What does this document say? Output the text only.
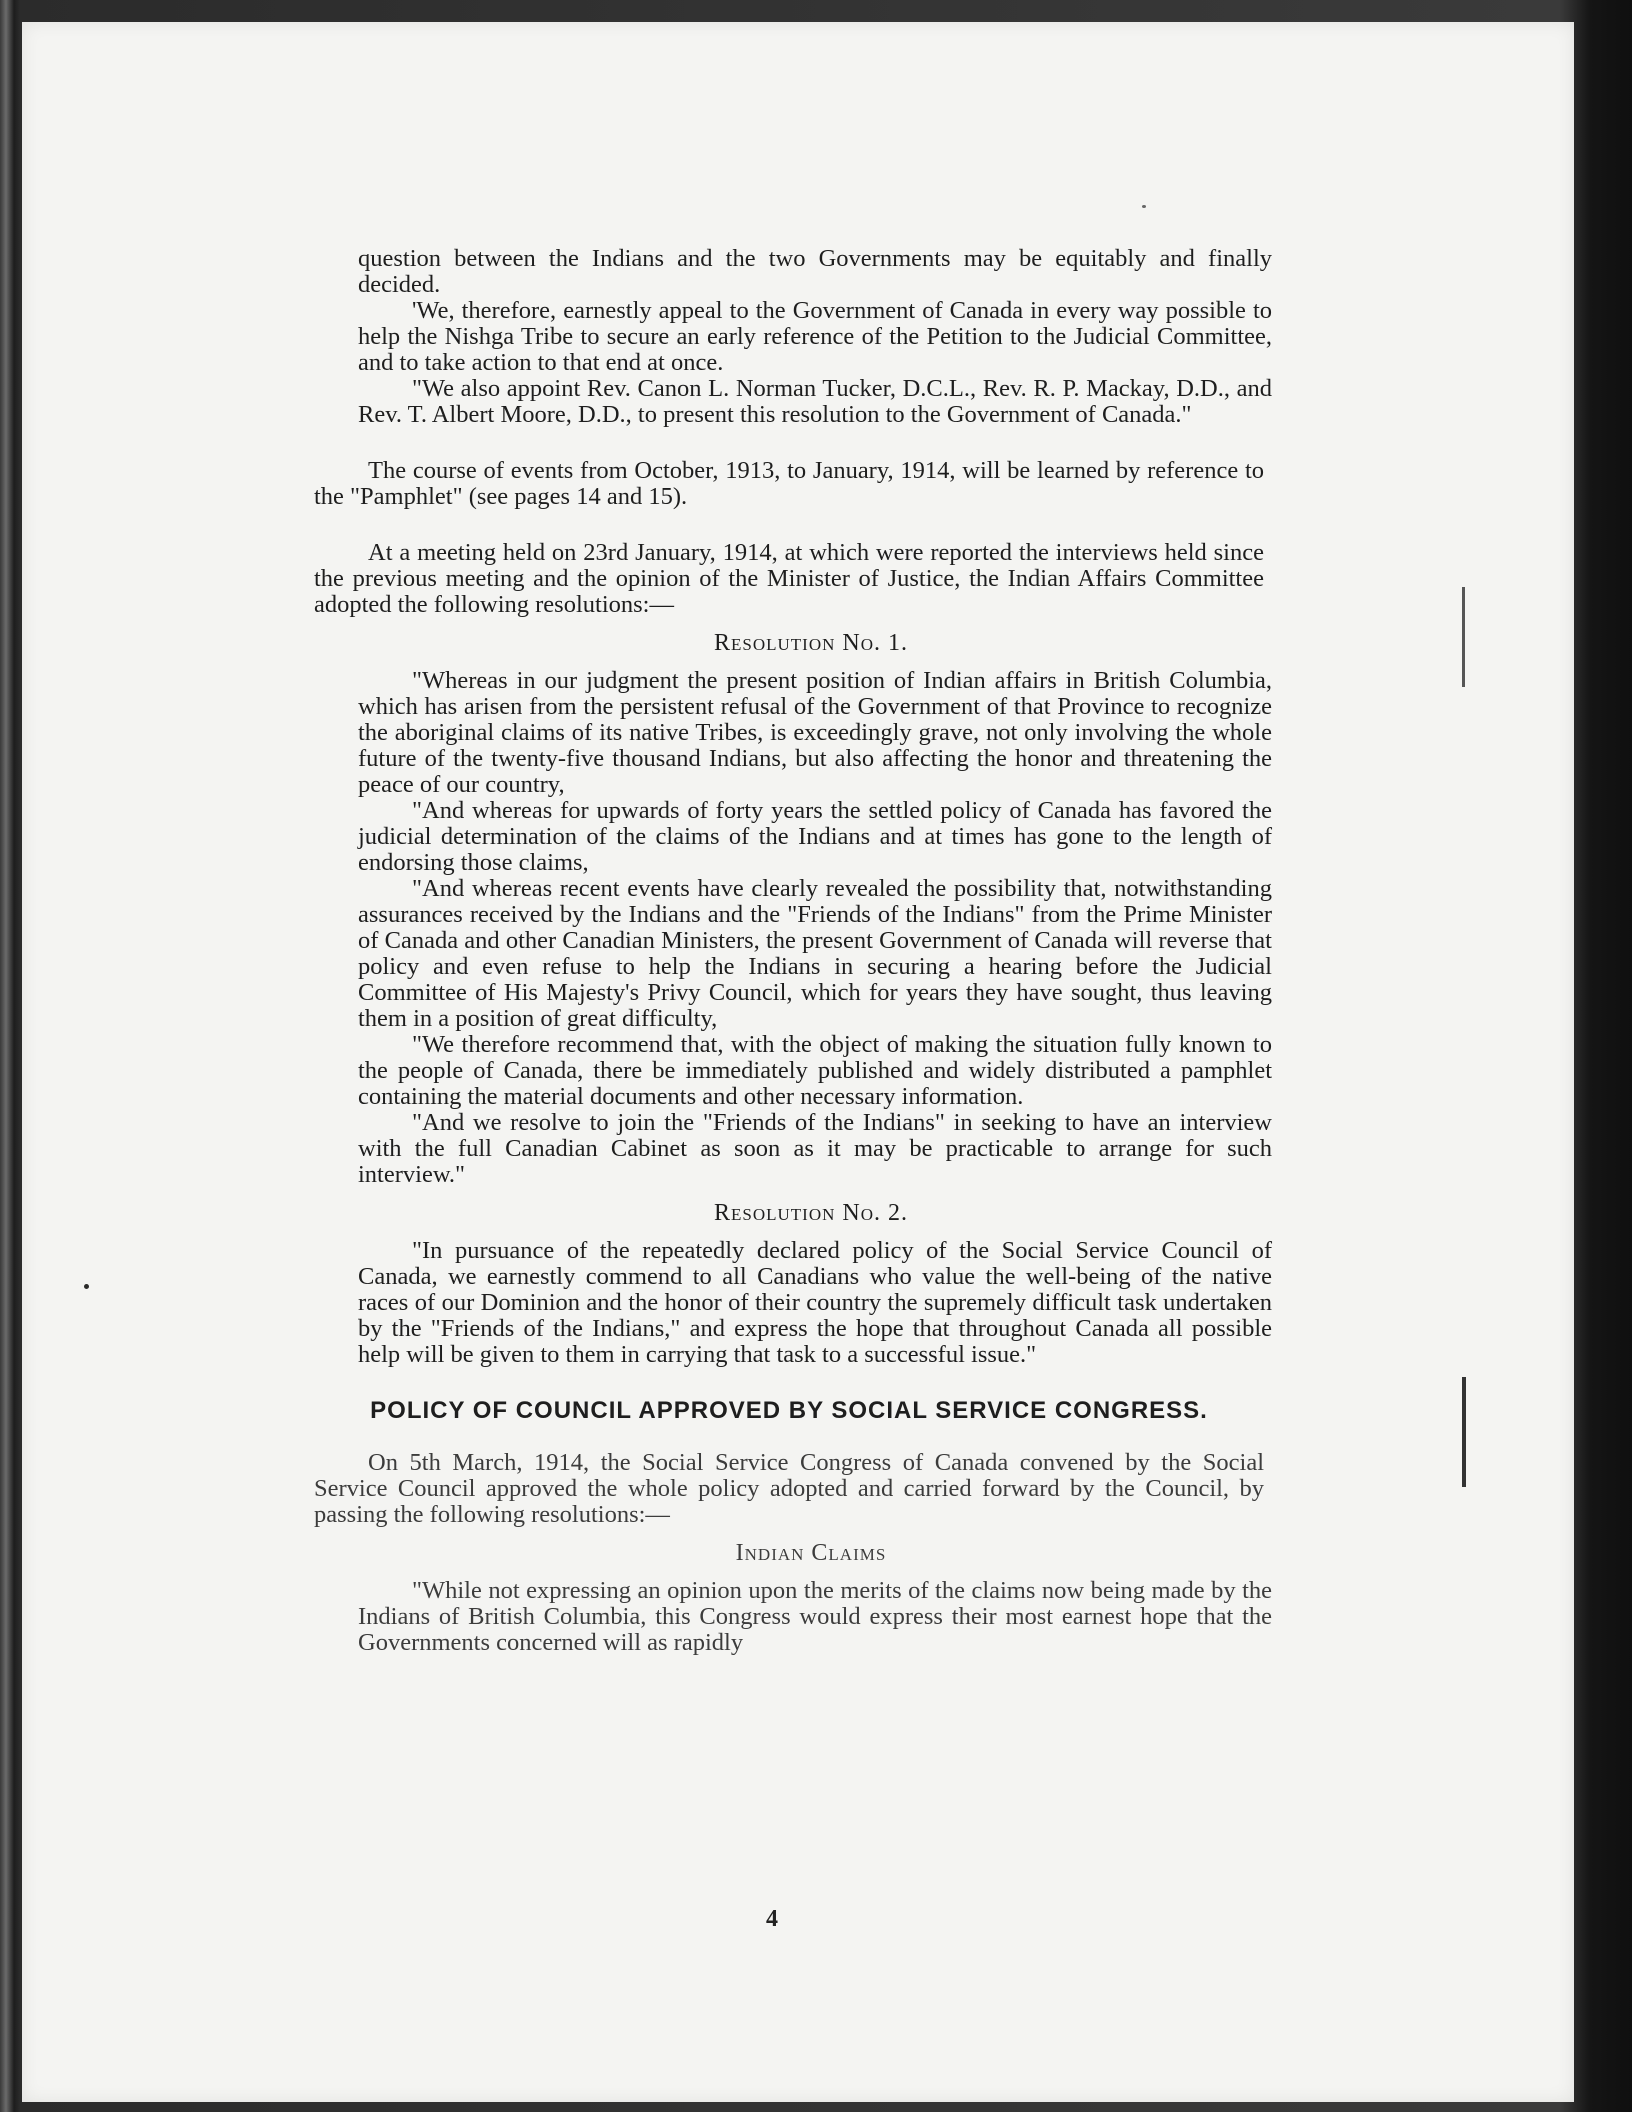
question between the Indians and the two Governments may be equitably and finally decided.

'We, therefore, earnestly appeal to the Government of Canada in every way possible to help the Nishga Tribe to secure an early reference of the Petition to the Judicial Committee, and to take action to that end at once.

"We also appoint Rev. Canon L. Norman Tucker, D.C.L., Rev. R. P. Mackay, D.D., and Rev. T. Albert Moore, D.D., to present this resolution to the Government of Canada."

The course of events from October, 1913, to January, 1914, will be learned by reference to the "Pamphlet" (see pages 14 and 15).

At a meeting held on 23rd January, 1914, at which were reported the interviews held since the previous meeting and the opinion of the Minister of Justice, the Indian Affairs Committee adopted the following resolutions:—

Resolution No. 1.

"Whereas in our judgment the present position of Indian affairs in British Columbia, which has arisen from the persistent refusal of the Government of that Province to recognize the aboriginal claims of its native Tribes, is exceedingly grave, not only involving the whole future of the twenty-five thousand Indians, but also affecting the honor and threatening the peace of our country,

"And whereas for upwards of forty years the settled policy of Canada has favored the judicial determination of the claims of the Indians and at times has gone to the length of endorsing those claims,

"And whereas recent events have clearly revealed the possibility that, notwithstanding assurances received by the Indians and the "Friends of the Indians" from the Prime Minister of Canada and other Canadian Ministers, the present Government of Canada will reverse that policy and even refuse to help the Indians in securing a hearing before the Judicial Committee of His Majesty's Privy Council, which for years they have sought, thus leaving them in a position of great difficulty,

"We therefore recommend that, with the object of making the situation fully known to the people of Canada, there be immediately published and widely distributed a pamphlet containing the material documents and other necessary information.

"And we resolve to join the "Friends of the Indians" in seeking to have an interview with the full Canadian Cabinet as soon as it may be practicable to arrange for such interview."

Resolution No. 2.

"In pursuance of the repeatedly declared policy of the Social Service Council of Canada, we earnestly commend to all Canadians who value the well-being of the native races of our Dominion and the honor of their country the supremely difficult task undertaken by the "Friends of the Indians," and express the hope that throughout Canada all possible help will be given to them in carrying that task to a successful issue."

POLICY OF COUNCIL APPROVED BY SOCIAL SERVICE CONGRESS.

On 5th March, 1914, the Social Service Congress of Canada convened by the Social Service Council approved the whole policy adopted and carried forward by the Council, by passing the following resolutions:—

Indian Claims

"While not expressing an opinion upon the merits of the claims now being made by the Indians of British Columbia, this Congress would express their most earnest hope that the Governments concerned will as rapidly

4
